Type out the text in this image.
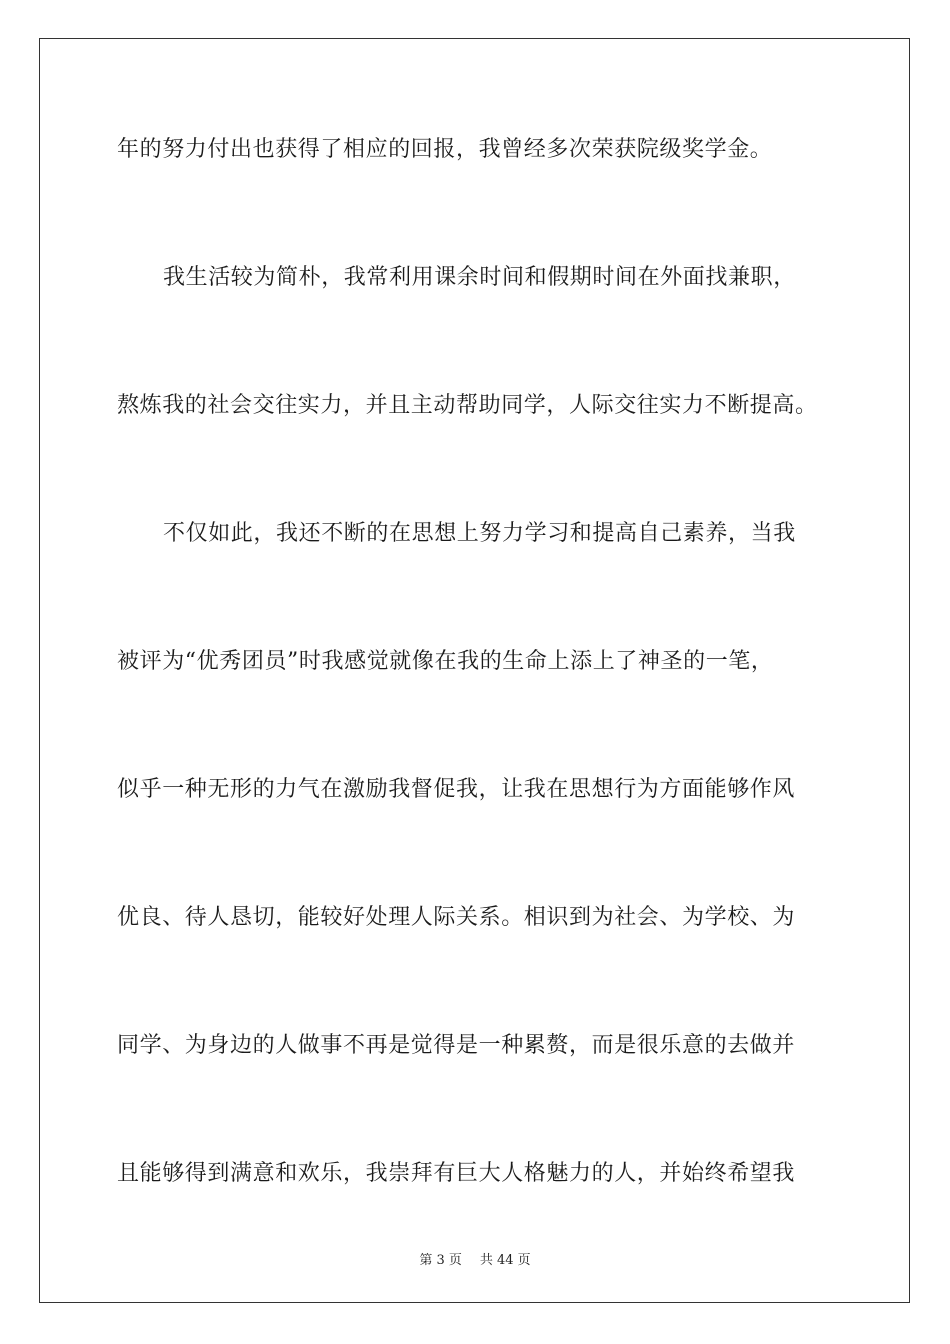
年的努力付出也获得了相应的回报，我曾经多次荣获院级奖学金。
我生活较为简朴，我常利用课余时间和假期时间在外面找兼职，
熬炼我的社会交往实力，并且主动帮助同学，人际交往实力不断提高。
不仅如此，我还不断的在思想上努力学习和提高自己素养，当我
被评为“优秀团员”时我感觉就像在我的生命上添上了神圣的一笔，
似乎一种无形的力气在激励我督促我，让我在思想行为方面能够作风
优良、待人恳切，能较好处理人际关系。相识到为社会、为学校、为
同学、为身边的人做事不再是觉得是一种累赘，而是很乐意的去做并
且能够得到满意和欢乐，我崇拜有巨大人格魅力的人，并始终希望我
第 3 页 共 44 页
